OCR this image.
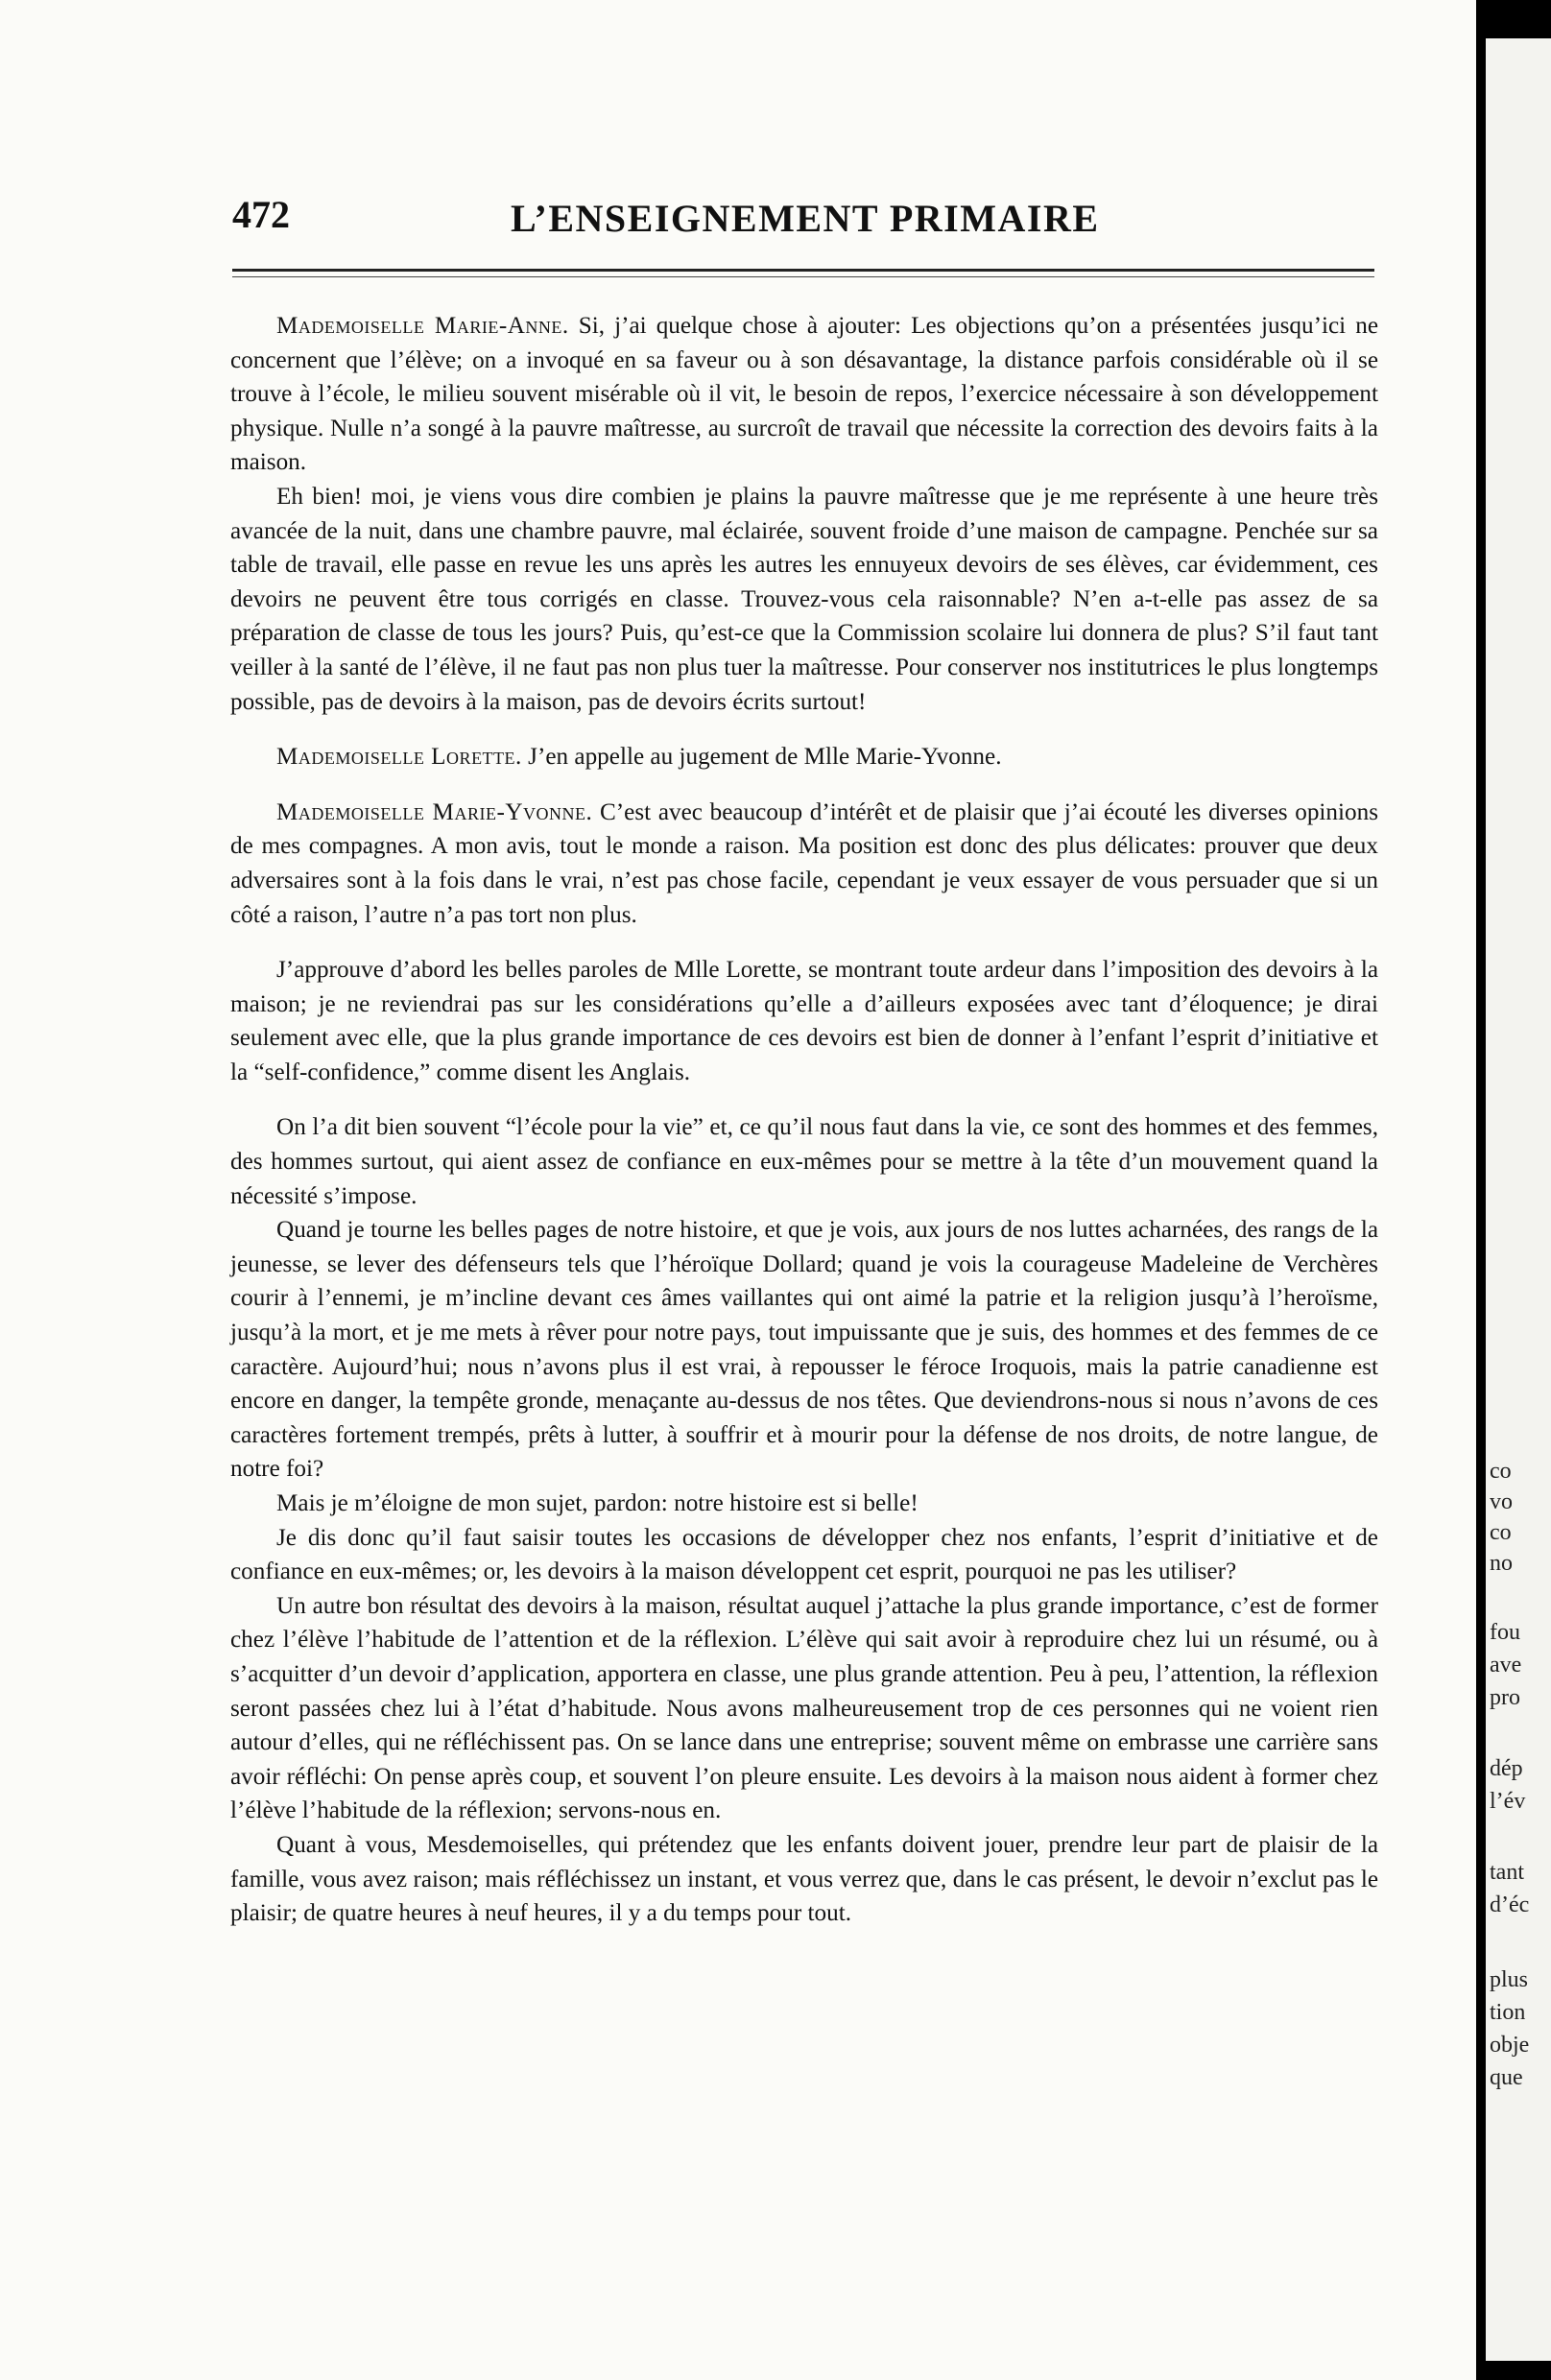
472	L’ENSEIGNEMENT PRIMAIRE

Mademoiselle Marie-Anne. Si, j’ai quelque chose à ajouter: Les objections qu’on a présentées jusqu’ici ne concernent que l’élève; on a invoqué en sa faveur ou à son désavantage, la distance parfois considérable où il se trouve à l’école, le milieu souvent misérable où il vit, le besoin de repos, l’exercice nécessaire à son développement physique. Nulle n’a songé à la pauvre maîtresse, au surcroît de travail que nécessite la correction des devoirs faits à la maison.

Eh bien! moi, je viens vous dire combien je plains la pauvre maîtresse que je me représente à une heure très avancée de la nuit, dans une chambre pauvre, mal éclairée, souvent froide d’une maison de campagne. Penchée sur sa table de travail, elle passe en revue les uns après les autres les ennuyeux devoirs de ses élèves, car évidemment, ces devoirs ne peuvent être tous corrigés en classe. Trouvez-vous cela raisonnable? N’en a-t-elle pas assez de sa préparation de classe de tous les jours? Puis, qu’est-ce que la Commission scolaire lui donnera de plus? S’il faut tant veiller à la santé de l’élève, il ne faut pas non plus tuer la maîtresse. Pour conserver nos institutrices le plus longtemps possible, pas de devoirs à la maison, pas de devoirs écrits surtout!

Mademoiselle Lorette. J’en appelle au jugement de Mlle Marie-Yvonne.

Mademoiselle Marie-Yvonne. C’est avec beaucoup d’intérêt et de plaisir que j’ai écouté les diverses opinions de mes compagnes. A mon avis, tout le monde a raison. Ma position est donc des plus délicates: prouver que deux adversaires sont à la fois dans le vrai, n’est pas chose facile, cependant je veux essayer de vous persuader que si un côté a raison, l’autre n’a pas tort non plus.

J’approuve d’abord les belles paroles de Mlle Lorette, se montrant toute ardeur dans l’imposition des devoirs à la maison; je ne reviendrai pas sur les considérations qu’elle a d’ailleurs exposées avec tant d’éloquence; je dirai seulement avec elle, que la plus grande importance de ces devoirs est bien de donner à l’enfant l’esprit d’initiative et la “self-confidence,” comme disent les Anglais.

On l’a dit bien souvent “l’école pour la vie” et, ce qu’il nous faut dans la vie, ce sont des hommes et des femmes, des hommes surtout, qui aient assez de confiance en eux-mêmes pour se mettre à la tête d’un mouvement quand la nécessité s’impose.

Quand je tourne les belles pages de notre histoire, et que je vois, aux jours de nos luttes acharnées, des rangs de la jeunesse, se lever des défenseurs tels que l’héroïque Dollard; quand je vois la courageuse Madeleine de Verchères courir à l’ennemi, je m’incline devant ces âmes vaillantes qui ont aimé la patrie et la religion jusqu’à l’heroïsme, jusqu’à la mort, et je me mets à rêver pour notre pays, tout impuissante que je suis, des hommes et des femmes de ce caractère. Aujourd’hui; nous n’avons plus il est vrai, à repousser le féroce Iroquois, mais la patrie canadienne est encore en danger, la tempête gronde, menaçante au-dessus de nos têtes. Que deviendrons-nous si nous n’avons de ces caractères fortement trempés, prêts à lutter, à souffrir et à mourir pour la défense de nos droits, de notre langue, de notre foi?

Mais je m’éloigne de mon sujet, pardon: notre histoire est si belle!

Je dis donc qu’il faut saisir toutes les occasions de développer chez nos enfants, l’esprit d’initiative et de confiance en eux-mêmes; or, les devoirs à la maison développent cet esprit, pourquoi ne pas les utiliser?

Un autre bon résultat des devoirs à la maison, résultat auquel j’attache la plus grande importance, c’est de former chez l’élève l’habitude de l’attention et de la réflexion. L’élève qui sait avoir à reproduire chez lui un résumé, ou à s’acquitter d’un devoir d’application, apportera en classe, une plus grande attention. Peu à peu, l’attention, la réflexion seront passées chez lui à l’état d’habitude. Nous avons malheureusement trop de ces personnes qui ne voient rien autour d’elles, qui ne réfléchissent pas. On se lance dans une entreprise; souvent même on embrasse une carrière sans avoir réfléchi: On pense après coup, et souvent l’on pleure ensuite. Les devoirs à la maison nous aident à former chez l’élève l’habitude de la réflexion; servons-nous en.

Quant à vous, Mesdemoiselles, qui prétendez que les enfants doivent jouer, prendre leur part de plaisir de la famille, vous avez raison; mais réfléchissez un instant, et vous verrez que, dans le cas présent, le devoir n’exclut pas le plaisir; de quatre heures à neuf heures, il y a du temps pour tout.

co
vo
co
no
fou
ave
pro
dép
l’év
tant
d’éc
plus
tion
obje
que
